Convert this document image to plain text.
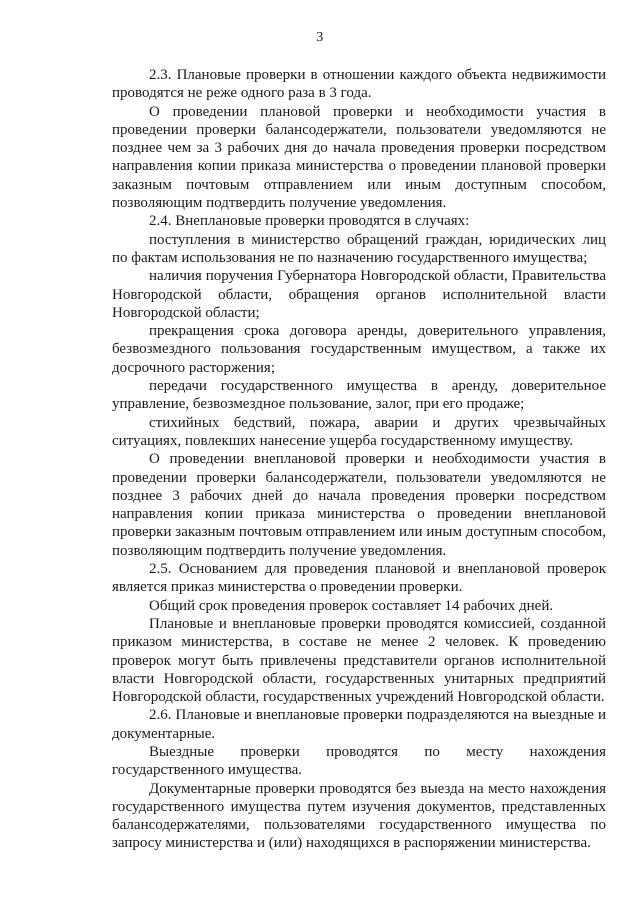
3

2.3. Плановые проверки в отношении каждого объекта недвижимости проводятся не реже одного раза в 3 года.

О проведении плановой проверки и необходимости участия в проведении проверки балансодержатели, пользователи уведомляются не позднее чем за 3 рабочих дня до начала проведения проверки посредством направления копии приказа министерства о проведении плановой проверки заказным почтовым отправлением или иным доступным способом, позволяющим подтвердить получение уведомления.

2.4. Внеплановые проверки проводятся в случаях:

поступления в министерство обращений граждан, юридических лиц по фактам использования не по назначению государственного имущества;

наличия поручения Губернатора Новгородской области, Правительства Новгородской области, обращения органов исполнительной власти Новгородской области;

прекращения срока договора аренды, доверительного управления, безвозмездного пользования государственным имуществом, а также их досрочного расторжения;

передачи государственного имущества в аренду, доверительное управление, безвозмездное пользование, залог, при его продаже;

стихийных бедствий, пожара, аварии и других чрезвычайных ситуациях, повлекших нанесение ущерба государственному имуществу.

О проведении внеплановой проверки и необходимости участия в проведении проверки балансодержатели, пользователи уведомляются не позднее 3 рабочих дней до начала проведения проверки посредством направления копии приказа министерства о проведении внеплановой проверки заказным почтовым отправлением или иным доступным способом, позволяющим подтвердить получение уведомления.

2.5. Основанием для проведения плановой и внеплановой проверок является приказ министерства о проведении проверки.

Общий срок проведения проверок составляет 14 рабочих дней.

Плановые и внеплановые проверки проводятся комиссией, созданной приказом министерства, в составе не менее 2 человек. К проведению проверок могут быть привлечены представители органов исполнительной власти Новгородской области, государственных унитарных предприятий Новгородской области, государственных учреждений Новгородской области.

2.6. Плановые и внеплановые проверки подразделяются на выездные и документарные.

Выездные проверки проводятся по месту нахождения государственного имущества.

Документарные проверки проводятся без выезда на место нахождения государственного имущества путем изучения документов, представленных балансодержателями, пользователями государственного имущества по запросу министерства и (или) находящихся в распоряжении министерства.
